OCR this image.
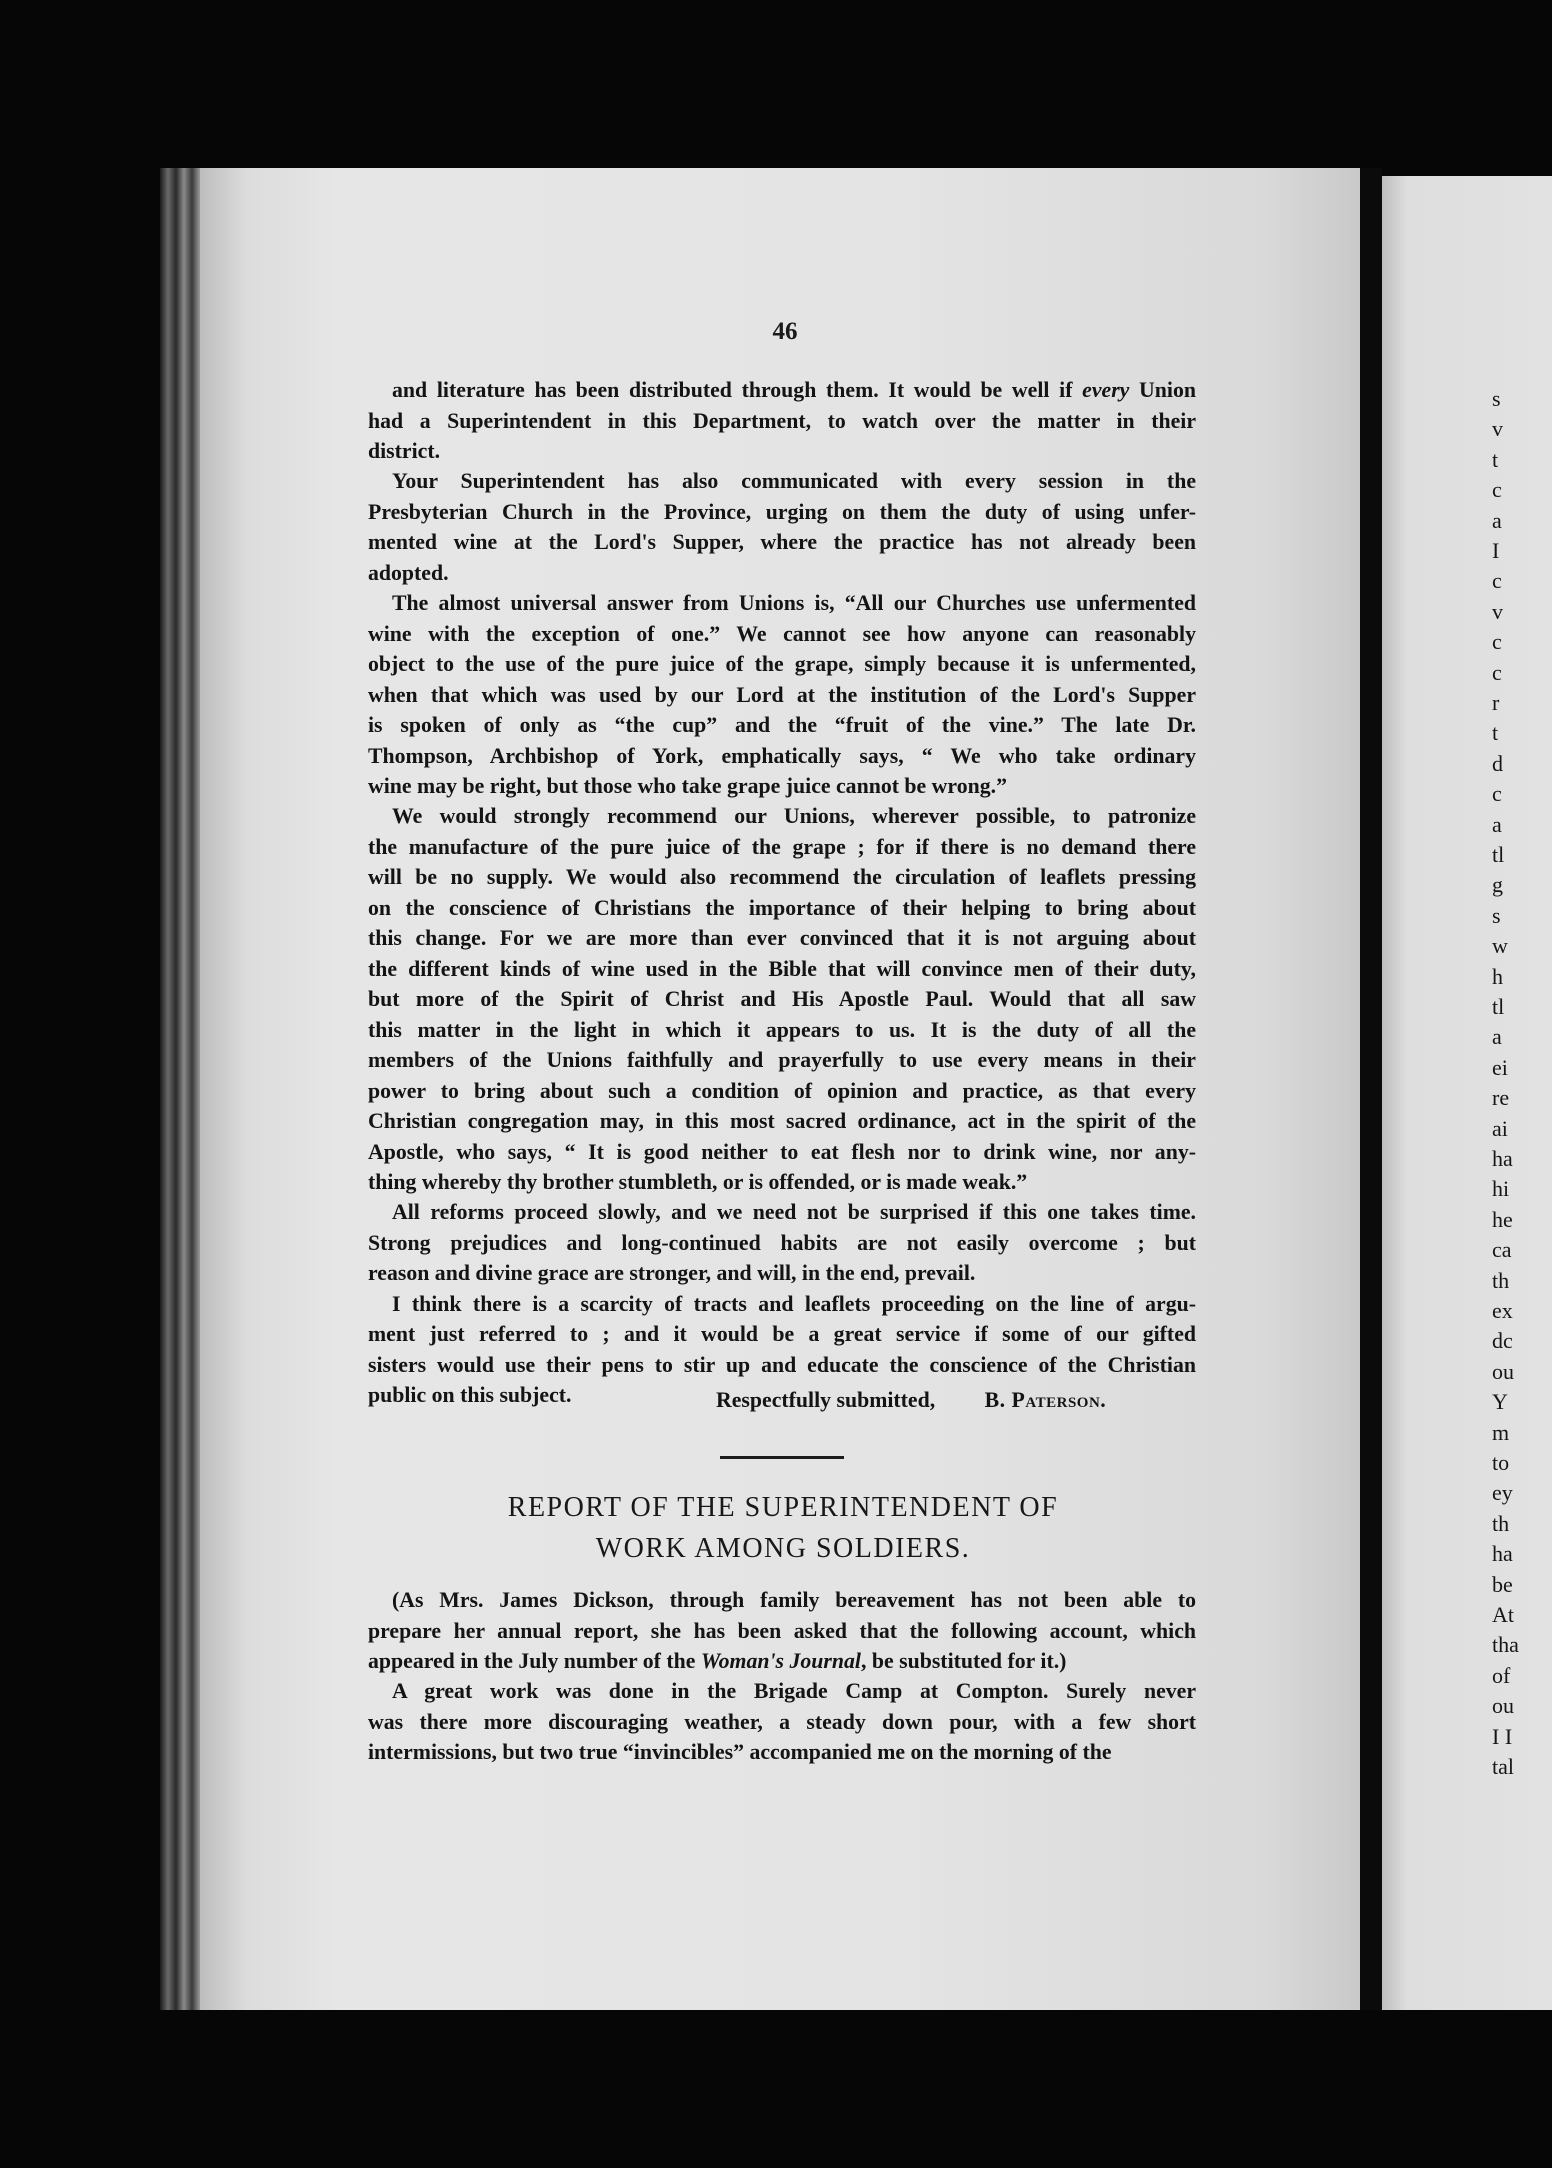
s
v
t
c
a
I
c
v
c
c
r
t
d
c
a
tl
g
s
w
h
tl
a
ei
re
ai
ha
hi
he
ca
th
ex
dc
ou
Y
m
to
ey
th
ha
be
At
tha
of
ou
I I
tal
46
and literature has been distributed through them. It would be well if every Union
had a Superintendent in this Department, to watch over the matter in their
district.
Your Superintendent has also communicated with every session in the
Presbyterian Church in the Province, urging on them the duty of using unfer-
mented wine at the Lord's Supper, where the practice has not already been
adopted.
The almost universal answer from Unions is, “All our Churches use unfermented
wine with the exception of one.” We cannot see how anyone can reasonably
object to the use of the pure juice of the grape, simply because it is unfermented,
when that which was used by our Lord at the institution of the Lord's Supper
is spoken of only as “the cup” and the “fruit of the vine.” The late Dr.
Thompson, Archbishop of York, emphatically says, “ We who take ordinary
wine may be right, but those who take grape juice cannot be wrong.”
We would strongly recommend our Unions, wherever possible, to patronize
the manufacture of the pure juice of the grape ; for if there is no demand there
will be no supply. We would also recommend the circulation of leaflets pressing
on the conscience of Christians the importance of their helping to bring about
this change. For we are more than ever convinced that it is not arguing about
the different kinds of wine used in the Bible that will convince men of their duty,
but more of the Spirit of Christ and His Apostle Paul. Would that all saw
this matter in the light in which it appears to us. It is the duty of all the
members of the Unions faithfully and prayerfully to use every means in their
power to bring about such a condition of opinion and practice, as that every
Christian congregation may, in this most sacred ordinance, act in the spirit of the
Apostle, who says, “ It is good neither to eat flesh nor to drink wine, nor any-
thing whereby thy brother stumbleth, or is offended, or is made weak.”
All reforms proceed slowly, and we need not be surprised if this one takes time.
Strong prejudices and long-continued habits are not easily overcome ; but
reason and divine grace are stronger, and will, in the end, prevail.
I think there is a scarcity of tracts and leaflets proceeding on the line of argu-
ment just referred to ; and it would be a great service if some of our gifted
sisters would use their pens to stir up and educate the conscience of the Christian
public on this subject.	Respectfully submitted, B. Paterson.
REPORT OF THE SUPERINTENDENT OF
WORK AMONG SOLDIERS.
(As Mrs. James Dickson, through family bereavement has not been able to
prepare her annual report, she has been asked that the following account, which
appeared in the July number of the Woman's Journal, be substituted for it.)
A great work was done in the Brigade Camp at Compton. Surely never
was there more discouraging weather, a steady down pour, with a few short
intermissions, but two true “invincibles” accompanied me on the morning of the
